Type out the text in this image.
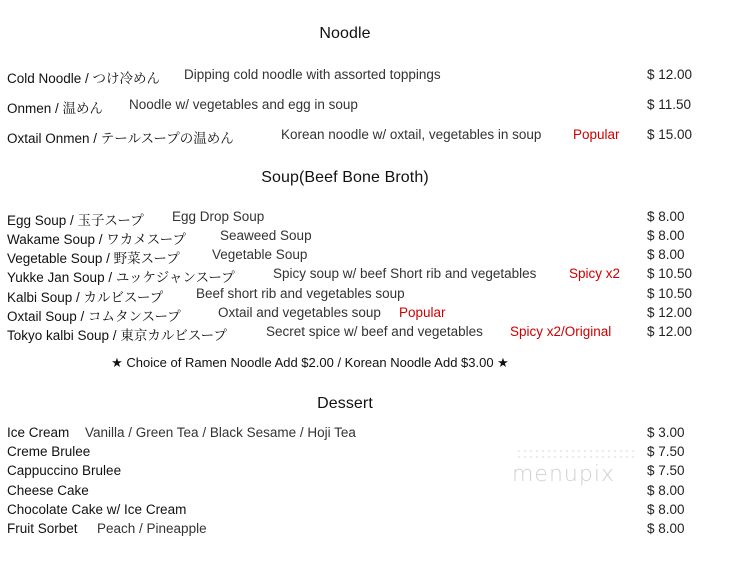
Noodle
Cold Noodle / つけ冷めん Dipping cold noodle with assorted toppings	$ 12.00
Onmen / 温めん Noodle w/ vegetables and egg in soup	$ 11.50
Oxtail Onmen / テールスープの温めん	Korean noodle w/ oxtail, vegetables in soup Popular $ 15.00
Soup(Beef Bone Broth)
Egg Soup / 玉子スープ Egg Drop Soup	$ 8.00
Wakame Soup / ワカメスープ	Seaweed Soup	$ 8.00
Vegetable Soup / 野菜スープ Vegetable Soup	$ 8.00
Yukke Jan Soup / ユッケジャンスープ	Spicy soup w/ beef Short rib and vegetables Spicy x2 $ 10.50
Kalbi Soup / カルビスープ Beef short rib and vegetables soup	$ 10.50
Oxtail Soup / コムタンスープ	Oxtail and vegetables soup Popular	$ 12.00
Tokyo kalbi Soup / 東京カルビスープ	Secret spice w/ beef and vegetables Spicy x2/Original	$ 12.00
★ Choice of Ramen Noodle Add $2.00 / Korean Noodle Add $3.00 ★
Dessert
Ice Cream Vanilla / Green Tea / Black Sesame / Hoji Tea	$ 3.00
Creme Brulee	$ 7.50
Cappuccino Brulee	$ 7.50
Cheese Cake	$ 8.00
Chocolate Cake w/ Ice Cream	$ 8.00
Fruit Sorbet Peach / Pineapple	$ 8.00
menupix
